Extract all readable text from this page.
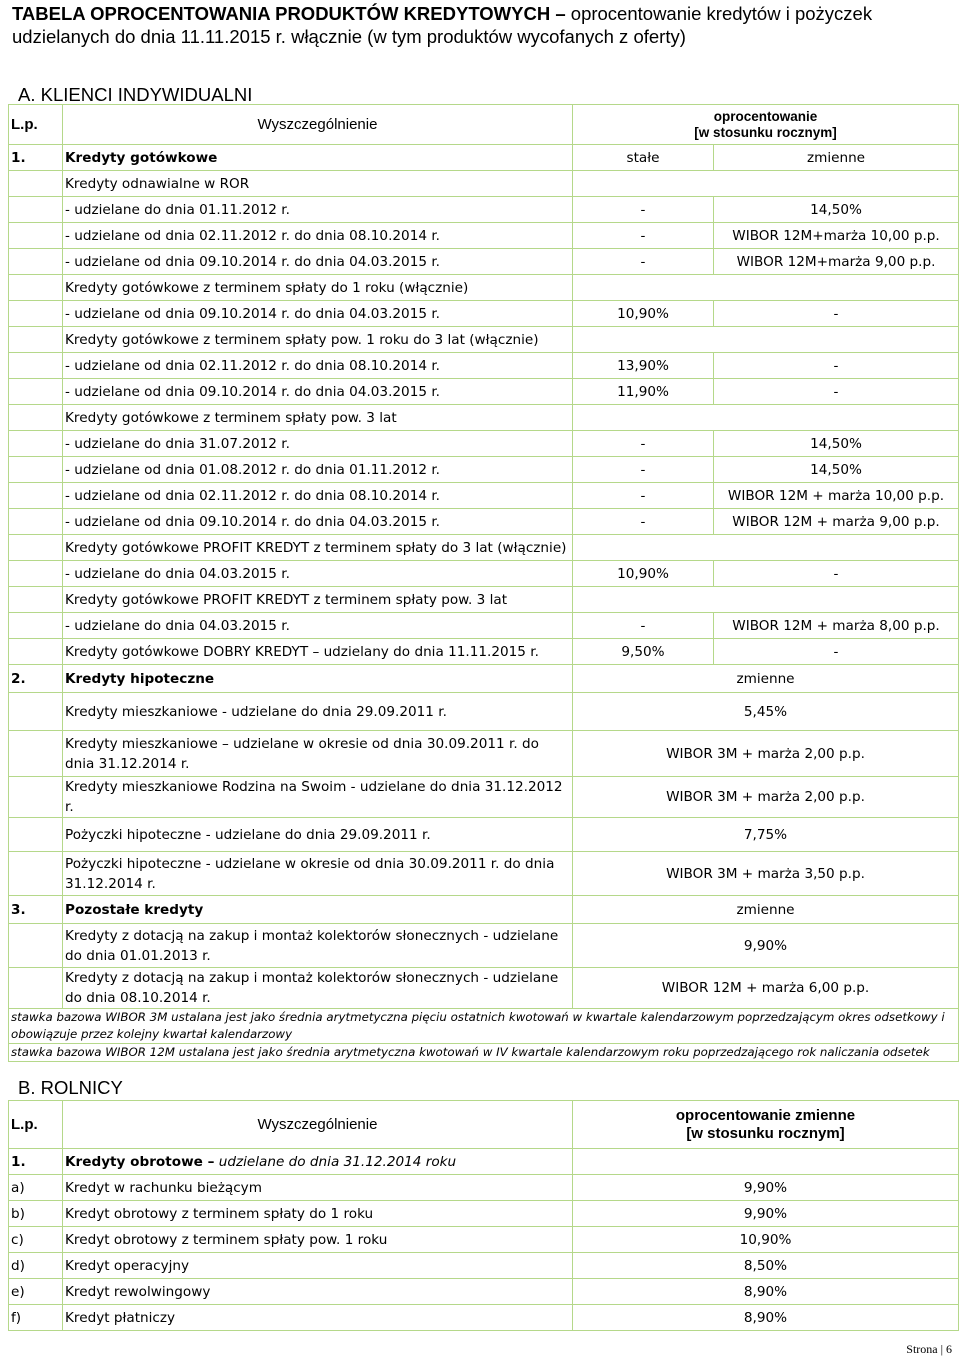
TABELA OPROCENTOWANIA PRODUKTÓW KREDYTOWYCH – oprocentowanie kredytów i pożyczek udzielanych do dnia 11.11.2015 r. włącznie (w tym produktów wycofanych z oferty)
A. KLIENCI INDYWIDUALNI
L.p.	Wyszczególnienie	oprocentowanie
[w stosunku rocznym]	

1.	Kredyty gotówkowe	stałe	zmienne
	Kredyty odnawialne w ROR		
	- udzielane do dnia 01.11.2012 r.	-	14,50%
	- udzielane od dnia 02.11.2012 r. do dnia 08.10.2014 r.	-	WIBOR 12M+marża 10,00 p.p.
	- udzielane od dnia 09.10.2014 r. do dnia 04.03.2015 r.	-	WIBOR 12M+marża 9,00 p.p.
	Kredyty gotówkowe z terminem spłaty do 1 roku (włącznie)		
	- udzielane od dnia 09.10.2014 r. do dnia 04.03.2015 r.	10,90%	-
	Kredyty gotówkowe z terminem spłaty pow. 1 roku do 3 lat (włącznie)		
	- udzielane od dnia 02.11.2012 r. do dnia 08.10.2014 r.	13,90%	-
	- udzielane od dnia 09.10.2014 r. do dnia 04.03.2015 r.	11,90%	-
	Kredyty gotówkowe z terminem spłaty pow. 3 lat		
	- udzielane do dnia 31.07.2012 r.	-	14,50%
	- udzielane od dnia 01.08.2012 r. do dnia 01.11.2012 r.	-	14,50%
	- udzielane od dnia 02.11.2012 r. do dnia 08.10.2014 r.	-	WIBOR 12M + marża 10,00 p.p.
	- udzielane od dnia 09.10.2014 r. do dnia 04.03.2015 r.	-	WIBOR 12M + marża 9,00 p.p.
	Kredyty gotówkowe PROFIT KREDYT z terminem spłaty do 3 lat (włącznie)		
	- udzielane do dnia 04.03.2015 r.	10,90%	-
	Kredyty gotówkowe PROFIT KREDYT z terminem spłaty pow. 3 lat		
	- udzielane do dnia 04.03.2015 r.	-	WIBOR 12M + marża 8,00 p.p.
	Kredyty gotówkowe DOBRY KREDYT – udzielany do dnia 11.11.2015 r.	9,50%	-
2.	Kredyty hipoteczne	zmienne	
	Kredyty mieszkaniowe - udzielane do dnia 29.09.2011 r.	5,45%	
	Kredyty mieszkaniowe – udzielane w okresie od dnia 30.09.2011 r. do dnia 31.12.2014 r.	WIBOR 3M + marża 2,00 p.p.	
	Kredyty mieszkaniowe Rodzina na Swoim - udzielane do dnia 31.12.2012 r.	WIBOR 3M + marża 2,00 p.p.	
	Pożyczki hipoteczne - udzielane do dnia 29.09.2011 r.	7,75%	
	Pożyczki hipoteczne - udzielane w okresie od dnia 30.09.2011 r. do dnia 31.12.2014 r.	WIBOR 3M + marża 3,50 p.p.	
3.	Pozostałe kredyty	zmienne	
	Kredyty z dotacją na zakup i montaż kolektorów słonecznych - udzielane do dnia 01.01.2013 r.	9,90%	
	Kredyty z dotacją na zakup i montaż kolektorów słonecznych - udzielane do dnia 08.10.2014 r.	WIBOR 12M + marża 6,00 p.p.	
stawka bazowa WIBOR 3M ustalana jest jako średnia arytmetyczna pięciu ostatnich kwotowań w kwartale kalendarzowym poprzedzającym okres odsetkowy i obowiązuje przez kolejny kwartał kalendarzowy			
stawka bazowa WIBOR 12M ustalana jest jako średnia arytmetyczna kwotowań w IV kwartale kalendarzowym roku poprzedzającego rok naliczania odsetek			
B. ROLNICY
L.p.	Wyszczególnienie	oprocentowanie zmienne
[w stosunku rocznym]

1.	Kredyty obrotowe – udzielane do dnia 31.12.2014 roku	
a)	Kredyt w rachunku bieżącym	9,90%
b)	Kredyt obrotowy z terminem spłaty do 1 roku	9,90%
c)	Kredyt obrotowy z terminem spłaty pow. 1 roku	10,90%
d)	Kredyt operacyjny	8,50%
e)	Kredyt rewolwingowy	8,90%
f)	Kredyt płatniczy	8,90%
Strona | 6
